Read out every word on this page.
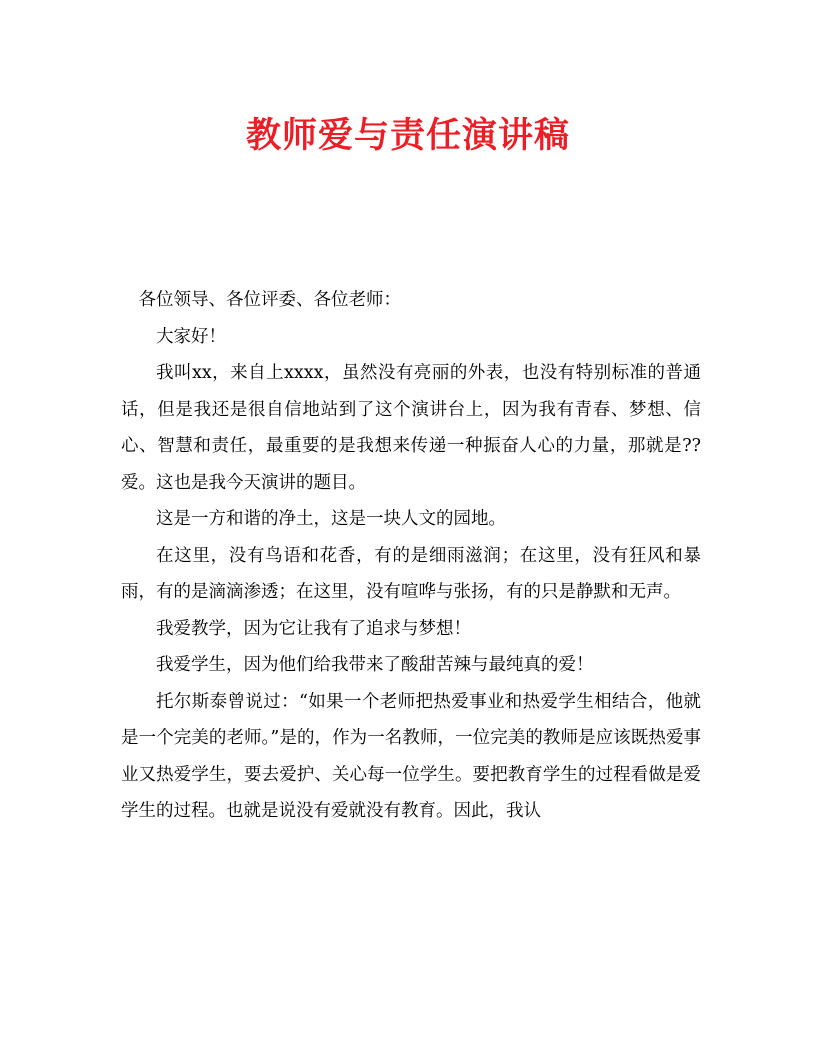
教师爱与责任演讲稿

各位领导、各位评委、各位老师：

大家好！

我叫xx，来自上xxxx，虽然没有亮丽的外表，也没有特别标准的普通话，但是我还是很自信地站到了这个演讲台上，因为我有青春、梦想、信心、智慧和责任，最重要的是我想来传递一种振奋人心的力量，那就是??爱。这也是我今天演讲的题目。

这是一方和谐的净土，这是一块人文的园地。

在这里，没有鸟语和花香，有的是细雨滋润；在这里，没有狂风和暴雨，有的是滴滴渗透；在这里，没有喧哗与张扬，有的只是静默和无声。

我爱教学，因为它让我有了追求与梦想！

我爱学生，因为他们给我带来了酸甜苦辣与最纯真的爱！

托尔斯泰曾说过：“如果一个老师把热爱事业和热爱学生相结合，他就是一个完美的老师。”是的，作为一名教师，一位完美的教师是应该既热爱事业又热爱学生，要去爱护、关心每一位学生。要把教育学生的过程看做是爱学生的过程。也就是说没有爱就没有教育。因此，我认
